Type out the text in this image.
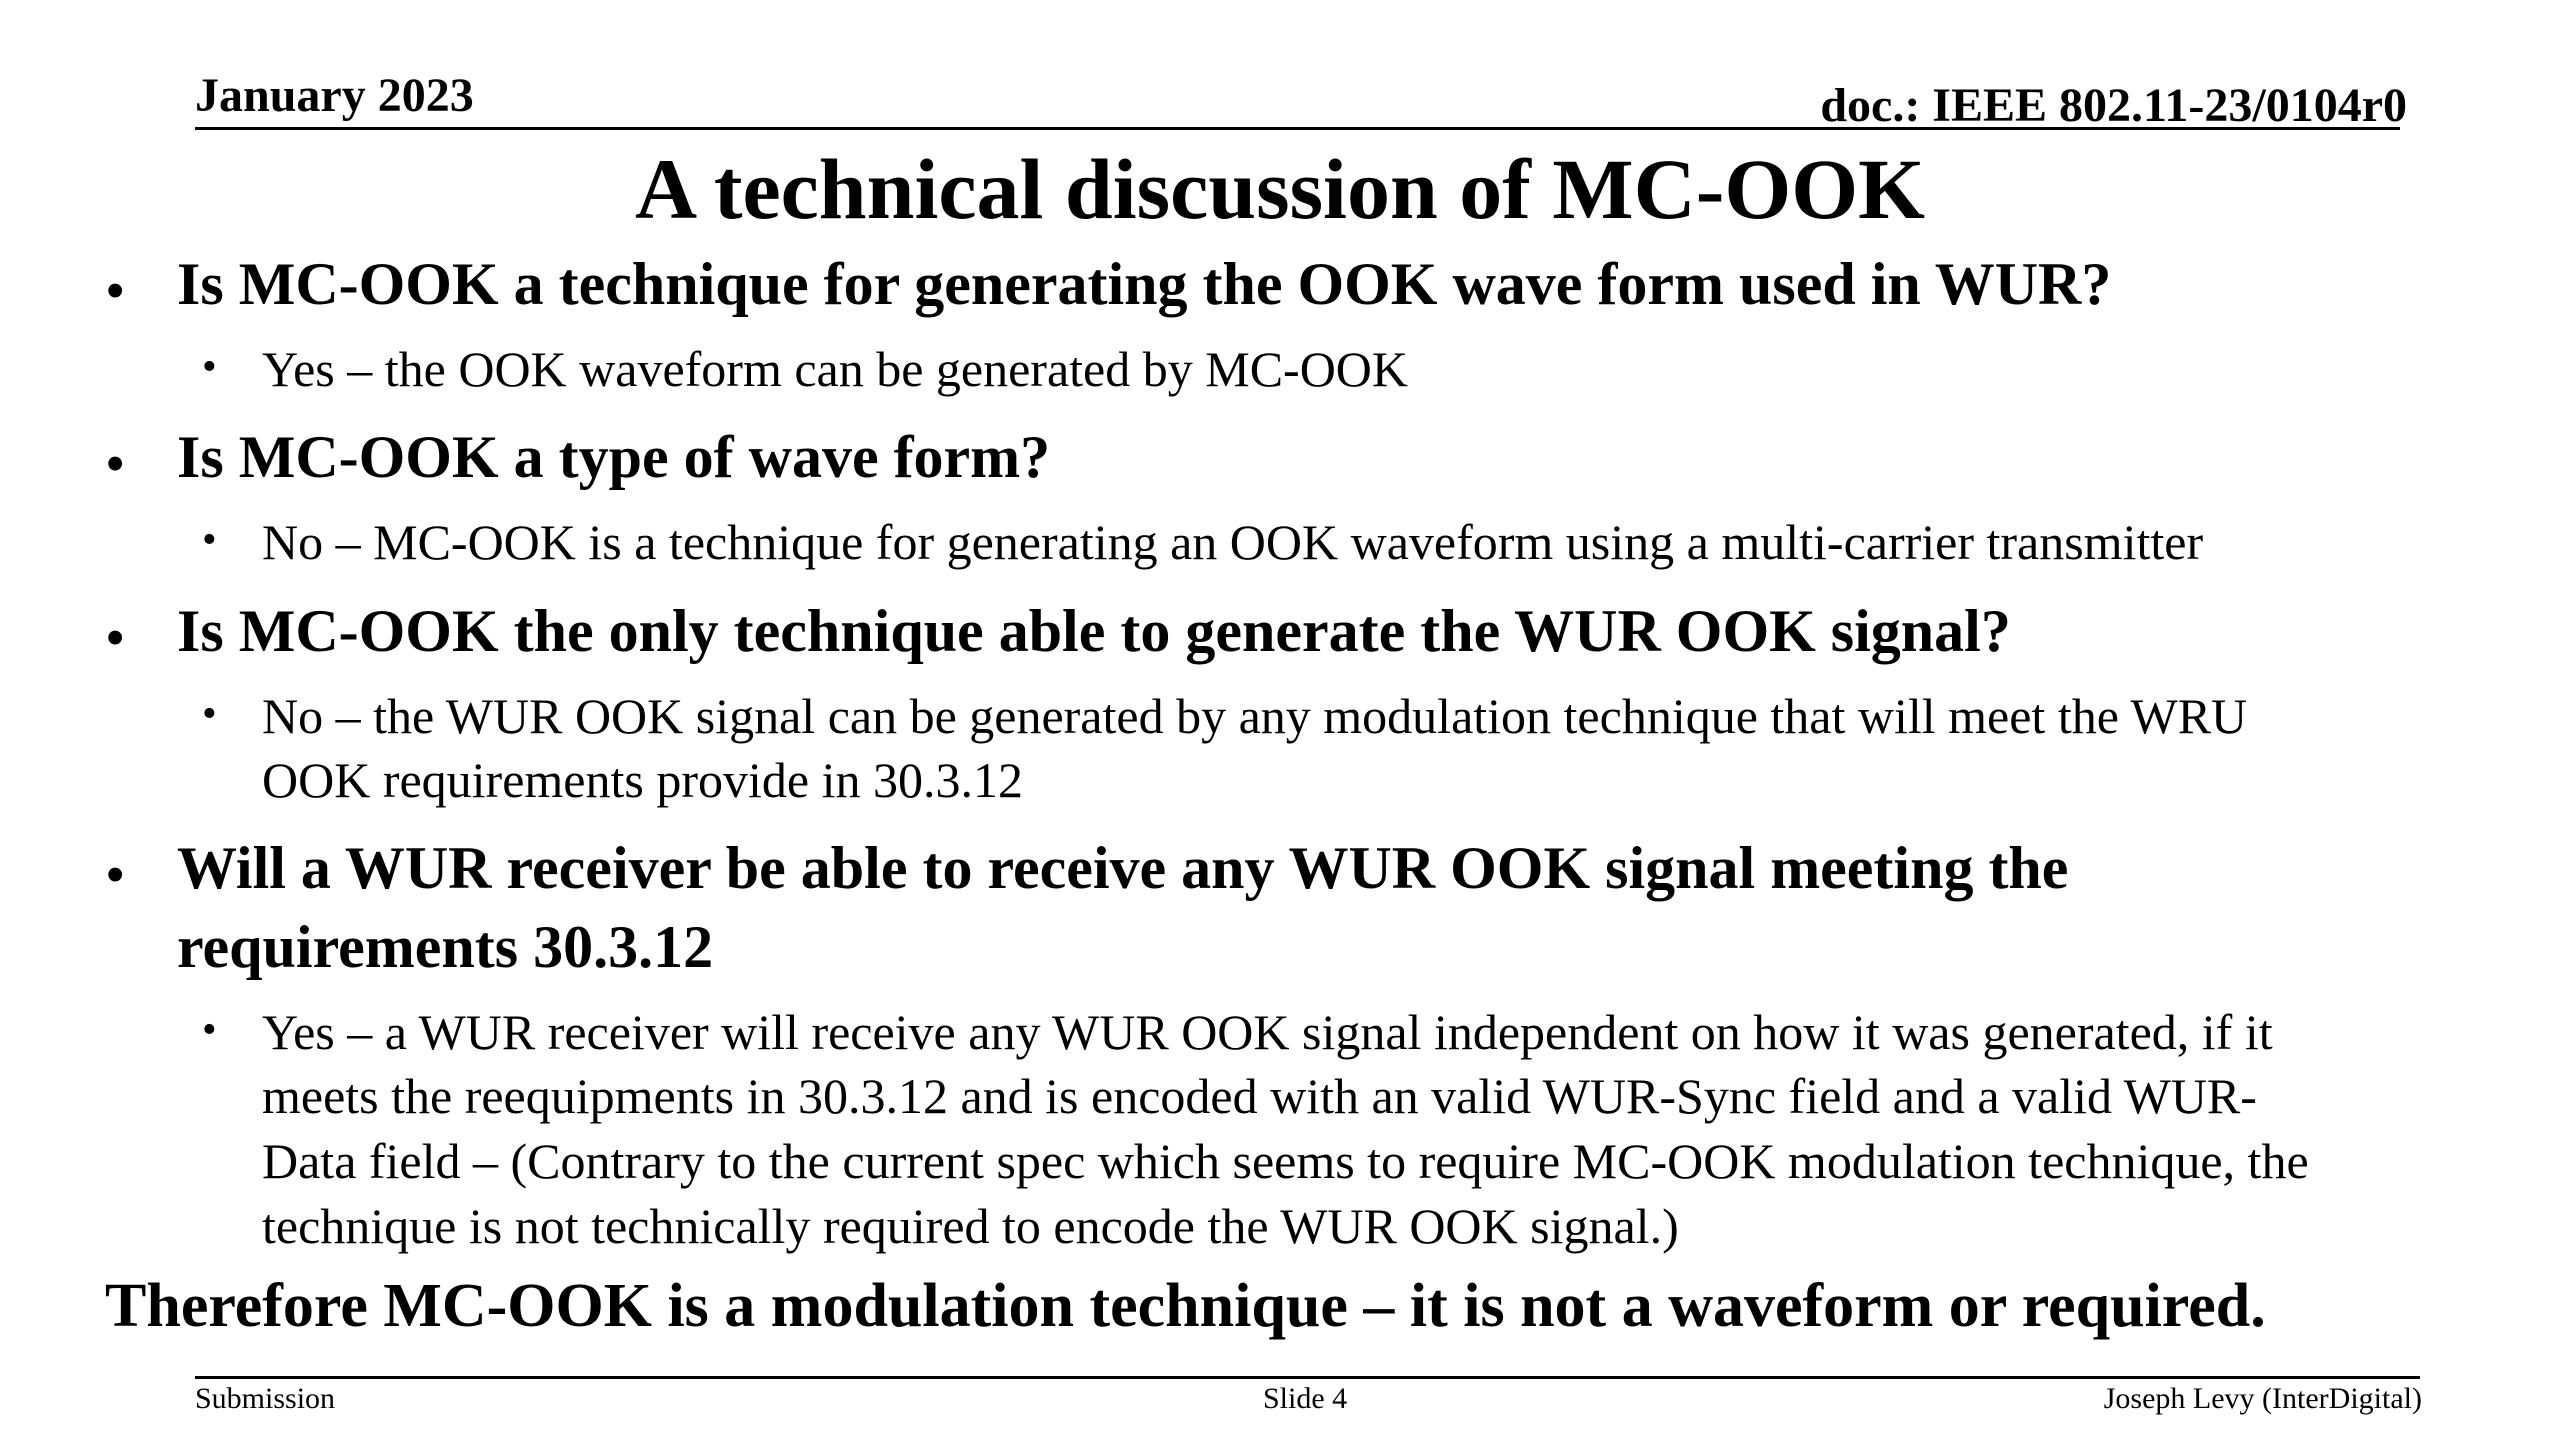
January 2023	doc.: IEEE 802.11-23/0104r0
A technical discussion of MC-OOK
• Is MC-OOK a technique for generating the OOK wave form used in WUR?
• Yes – the OOK waveform can be generated by MC-OOK
• Is MC-OOK a type of wave form?
• No – MC-OOK is a technique for generating an OOK waveform using a multi-carrier transmitter
• Is MC-OOK the only technique able to generate the WUR OOK signal?
• No – the WUR OOK signal can be generated by any modulation technique that will meet the WRU
OOK requirements provide in 30.3.12
• Will a WUR receiver be able to receive any WUR OOK signal meeting the
requirements 30.3.12
• Yes – a WUR receiver will receive any WUR OOK signal independent on how it was generated, if it
meets the reequipments in 30.3.12 and is encoded with an valid WUR-Sync field and a valid WUR-
Data field – (Contrary to the current spec which seems to require MC-OOK modulation technique, the
technique is not technically required to encode the WUR OOK signal.)
Therefore MC-OOK is a modulation technique – it is not a waveform or required.
Submission	Slide 4	Joseph Levy (InterDigital)
